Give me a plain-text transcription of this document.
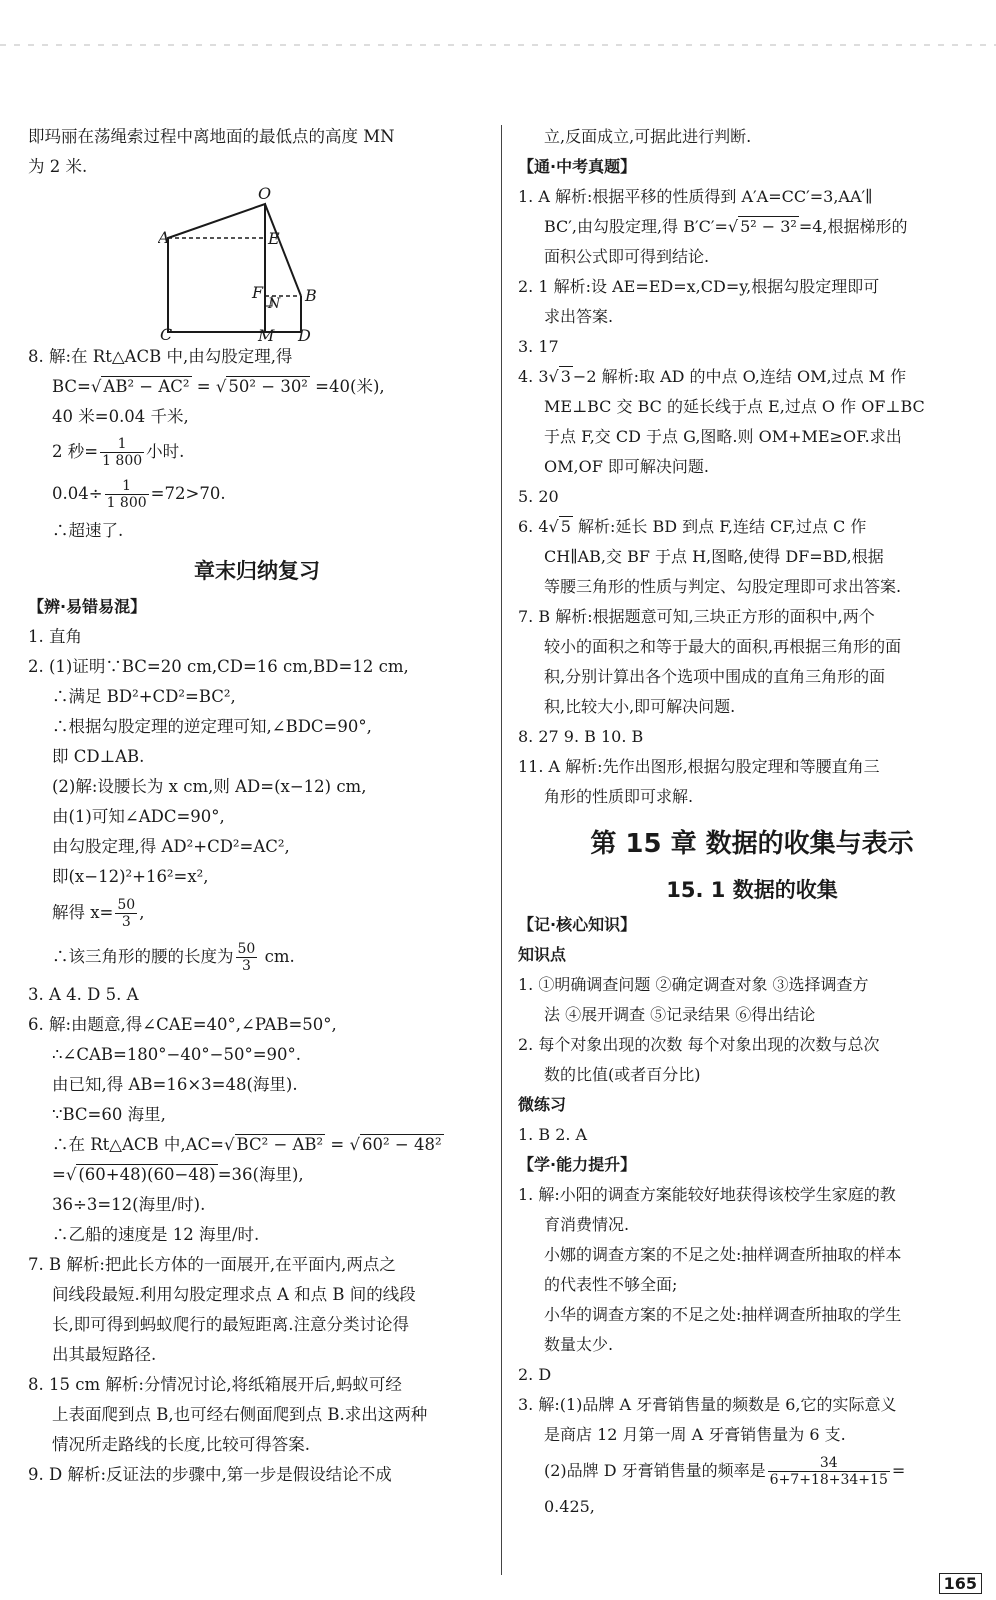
即玛丽在荡绳索过程中离地面的最低点的高度 MN
为 2 米.
O
A	E
F
N B
C	M D
8. 解:在 Rt△ACB 中,由勾股定理,得
BC=√ AB² − AC² = √ 50² − 30² =40(米),
40 米=0.04 千米,
2 秒= $\frac{1}{1 800}$ 小时.
$0.04\div \frac{1}{1 800} =72>70$.
∴超速了.
章末归纳复习
【辨·易错易混】
1. 直角
2. (1)证明∵BC=20 cm,CD=16 cm,BD=12 cm,
∴满足 BD²+CD²=BC²,
∴根据勾股定理的逆定理可知,∠BDC=90°,
即 CD⊥AB.
(2)解:设腰长为 x cm,则 AD=(x−12) cm,
由(1)可知∠ADC=90°,
由勾股定理,得 AD²+CD²=AC²,
即(x−12)²+16²=x²,
解得 $x= \frac{50}{3}$ ,
∴该三角形的腰的长度为 $\frac{50}{3}$ cm.
3. A 4. D 5. A
6. 解:由题意,得∠CAE=40°,∠PAB=50°,
∴∠CAB=180°−40°−50°=90°.
由已知,得 AB=16×3=48(海里).
∵BC=60 海里,
∴在 Rt△ACB 中,AC=√ BC² − AB² = √ 60² − 48²
=√ (60+48)(60−48) =36(海里),
36÷3=12(海里/时).
∴乙船的速度是 12 海里/时.
7. B 解析:把此长方体的一面展开,在平面内,两点之
间线段最短.利用勾股定理求点 A 和点 B 间的线段
长,即可得到蚂蚁爬行的最短距离.注意分类讨论得
出其最短路径.
8. 15 cm 解析:分情况讨论,将纸箱展开后,蚂蚁可经
上表面爬到点 B,也可经右侧面爬到点 B.求出这两种
情况所走路线的长度,比较可得答案.
9. D 解析:反证法的步骤中,第一步是假设结论不成
立,反面成立,可据此进行判断.
【通·中考真题】
1. A 解析:根据平移的性质得到 A′A=CC′=3,AA′∥
BC′,由勾股定理,得 B′C′=√ 5² − 3² =4,根据梯形的
面积公式即可得到结论.
2. 1 解析:设 AE=ED=x,CD=y,根据勾股定理即可
求出答案.
3. 17
4. 3√ 3 −2 解析:取 AD 的中点 O,连结 OM,过点 M 作
ME⊥BC 交 BC 的延长线于点 E,过点 O 作 OF⊥BC
于点 F,交 CD 于点 G,图略.则 OM+ME≥OF.求出
OM,OF 即可解决问题.
5. 20
6. 4√ 5 解析:延长 BD 到点 F,连结 CF,过点 C 作
CH∥AB,交 BF 于点 H,图略,使得 DF=BD,根据
等腰三角形的性质与判定、勾股定理即可求出答案.
7. B 解析:根据题意可知,三块正方形的面积中,两个
较小的面积之和等于最大的面积,再根据三角形的面
积,分别计算出各个选项中围成的直角三角形的面
积,比较大小,即可解决问题.
8. 27 9. B 10. B
11. A 解析:先作出图形,根据勾股定理和等腰直角三
角形的性质即可求解.
第 15 章 数据的收集与表示
15. 1 数据的收集
【记·核心知识】
知识点
1. ①明确调查问题 ②确定调查对象 ③选择调查方
法 ④展开调查 ⑤记录结果 ⑥得出结论
2. 每个对象出现的次数 每个对象出现的次数与总次
数的比值(或者百分比)
微练习
1. B 2. A
【学·能力提升】
1. 解:小阳的调查方案能较好地获得该校学生家庭的教
育消费情况.
小娜的调查方案的不足之处:抽样调查所抽取的样本
的代表性不够全面;
小华的调查方案的不足之处:抽样调查所抽取的学生
数量太少.
2. D
3. 解:(1)品牌 A 牙膏销售量的频数是 6,它的实际意义
是商店 12 月第一周 A 牙膏销售量为 6 支.
(2)品牌 D 牙膏销售量的频率是 $\frac{34}{6+7+18+34+15}$ =
0.425,
165
